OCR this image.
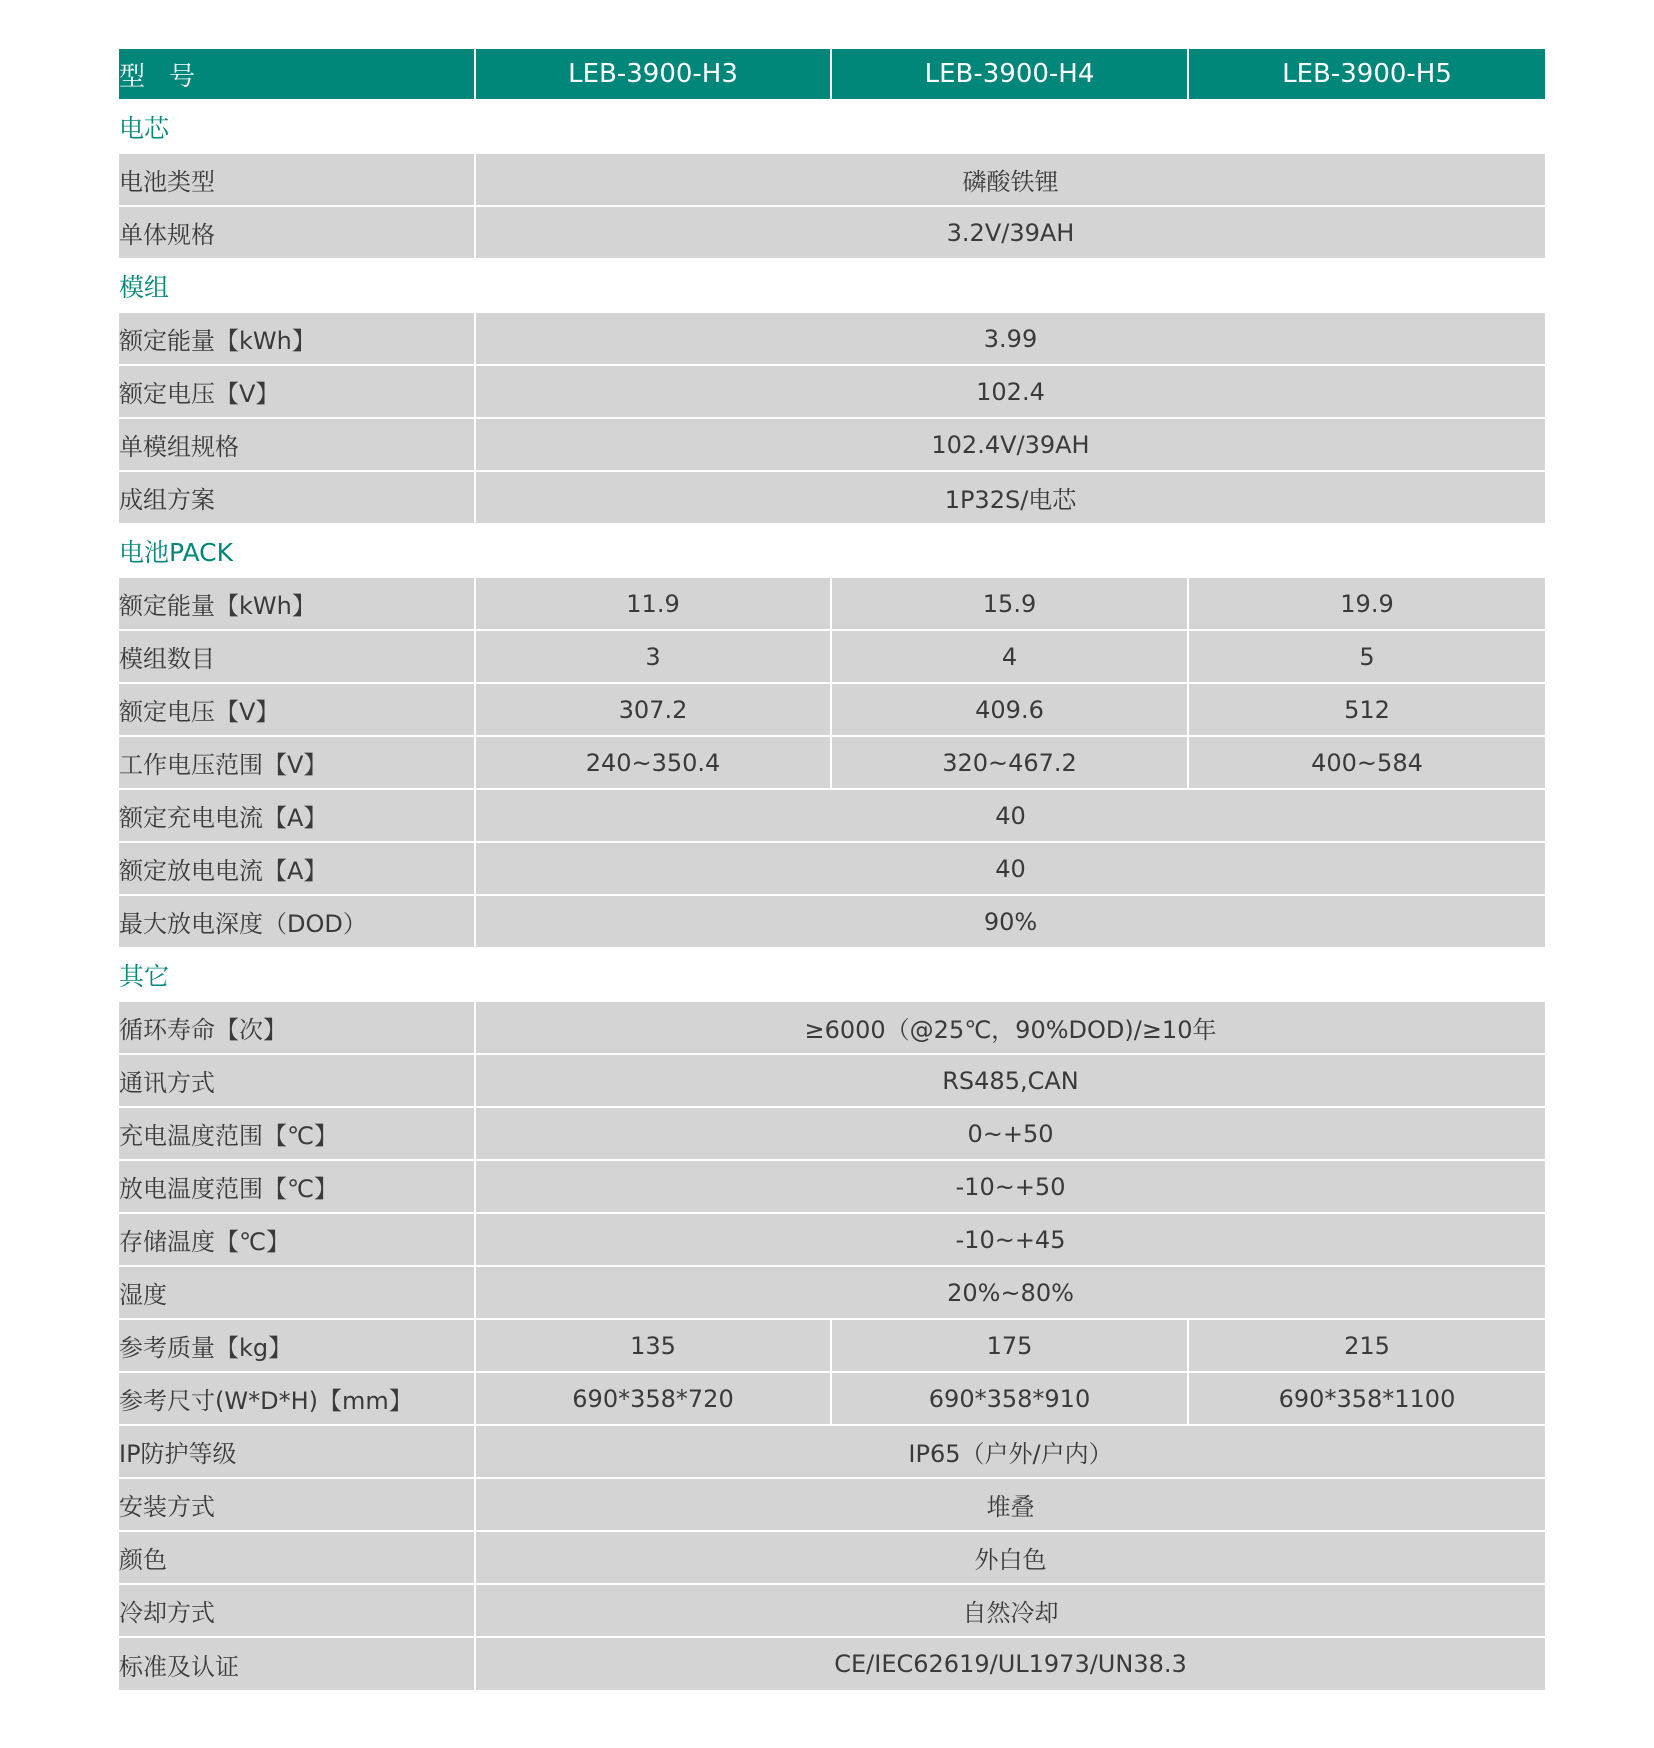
型号	LEB-3900-H3	LEB-3900-H4	LEB-3900-H5
电芯			
电池类型	磷酸铁锂		
单体规格	3.2V/39AH		
模组			
额定能量【kWh】	3.99		
额定电压【V】	102.4		
单模组规格	102.4V/39AH		
成组方案	1P32S/电芯		
电池PACK			
额定能量【kWh】	11.9	15.9	19.9
模组数目	3	4	5
额定电压【V】	307.2	409.6	512
工作电压范围【V】	240~350.4	320~467.2	400~584
额定充电电流【A】	40		
额定放电电流【A】	40		
最大放电深度（DOD）	90%		
其它			
循环寿命【次】	≥6000（@25℃，90%DOD)/≥10年		
通讯方式	RS485,CAN		
充电温度范围【℃】	0~+50		
放电温度范围【℃】	-10~+50		
存储温度【℃】	-10~+45		
湿度	20%~80%		
参考质量【kg】	135	175	215
参考尺寸(W*D*H)【mm】	690*358*720	690*358*910	690*358*1100
IP防护等级	IP65（户外/户内）		
安装方式	堆叠		
颜色	外白色		
冷却方式	自然冷却		
标准及认证	CE/IEC62619/UL1973/UN38.3		
